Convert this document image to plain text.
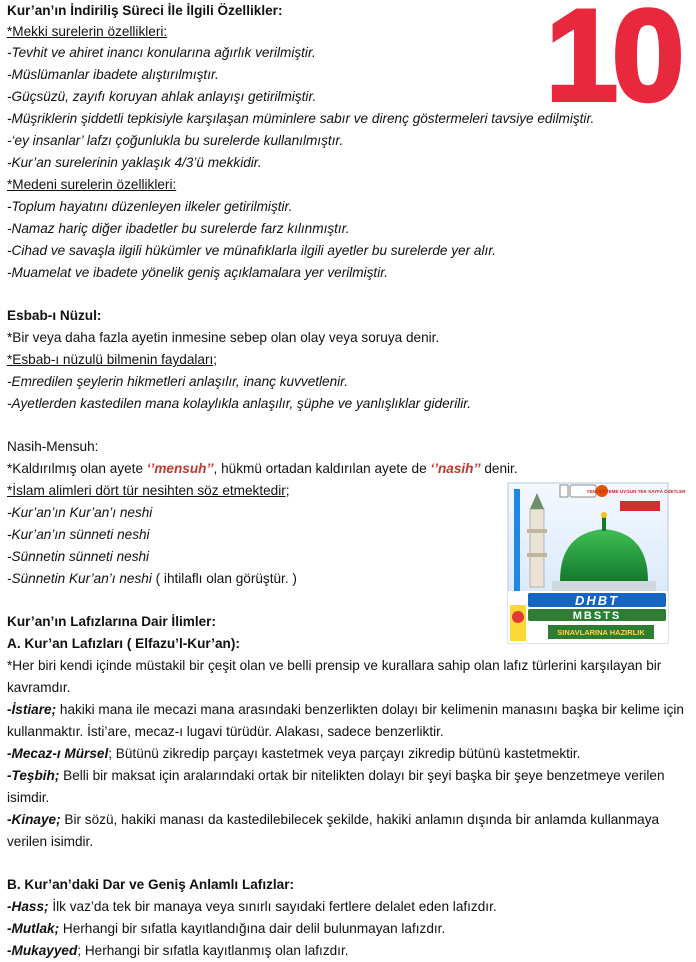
10
Kur’an’ın İndiriliş Süreci İle İlgili Özellikler:
*Mekki surelerin özellikleri:
-Tevhit ve ahiret inancı konularına ağırlık verilmiştir.
-Müslümanlar ibadete alıştırılmıştır.
-Güçsüzü, zayıfı koruyan ahlak anlayışı getirilmiştir.
-Müşriklerin şiddetli tepkisiyle karşılaşan müminlere sabır ve direnç göstermeleri tavsiye edilmiştir.
-‘ey insanlar’ lafzı çoğunlukla bu surelerde kullanılmıştır.
-Kur’an surelerinin yaklaşık 4/3’ü mekkidir.
*Medeni surelerin özellikleri:
-Toplum hayatını düzenleyen ilkeler getirilmiştir.
-Namaz hariç diğer ibadetler bu surelerde farz kılınmıştır.
-Cihad ve savaşla ilgili hükümler ve münafıklarla ilgili ayetler bu surelerde yer alır.
-Muamelat ve ibadete yönelik geniş açıklamalara yer verilmiştir.
Esbab-ı Nüzul:
*Bir veya daha fazla ayetin inmesine sebep olan olay veya soruya denir.
*Esbab-ı nüzulü bilmenin faydaları;
-Emredilen şeylerin hikmetleri anlaşılır, inanç kuvvetlenir.
-Ayetlerden kastedilen mana kolaylıkla anlaşılır, şüphe ve yanlışlıklar giderilir.
Nasih-Mensuh:
*Kaldırılmış olan ayete ‘’mensuh’’, hükmü ortadan kaldırılan ayete de ‘’nasih’’ denir.
*İslam alimleri dört tür nesihten söz etmektedir;
-Kur’an’ın Kur’an’ı neshi
-Kur’an’ın sünneti neshi
-Sünnetin sünneti neshi
-Sünnetin Kur’an’ı neshi ( ihtilaflı olan görüştür. )
YENİ SİSTEME UYGUN TEK SAYFA ÖZETLER
DHBT
MBSTS
SINAVLARINA HAZIRLIK
Kur’an’ın Lafızlarına Dair İlimler:
A. Kur’an Lafızları ( Elfazu’l-Kur’an):
*Her biri kendi içinde müstakil bir çeşit olan ve belli prensip ve kurallara sahip olan lafız türlerini karşılayan bir kavramdır.
-İstiare; hakiki mana ile mecazi mana arasındaki benzerlikten dolayı bir kelimenin manasını başka bir kelime için kullanmaktır. İsti’are, mecaz-ı lugavi türüdür. Alakası, sadece benzerliktir.
-Mecaz-ı Mürsel; Bütünü zikredip parçayı kastetmek veya parçayı zikredip bütünü kastetmektir.
-Teşbih; Belli bir maksat için aralarındaki ortak bir nitelikten dolayı bir şeyi başka bir şeye benzetmeye verilen isimdir.
-Kinaye; Bir sözü, hakiki manası da kastedilebilecek şekilde, hakiki anlamın dışında bir anlamda kullanmaya verilen isimdir.
B. Kur’an’daki Dar ve Geniş Anlamlı Lafızlar:
-Hass; İlk vaz’da tek bir manaya veya sınırlı sayıdaki fertlere delalet eden lafızdır.
-Mutlak; Herhangi bir sıfatla kayıtlandığına dair delil bulunmayan lafızdır.
-Mukayyed; Herhangi bir sıfatla kayıtlanmış olan lafızdır.
